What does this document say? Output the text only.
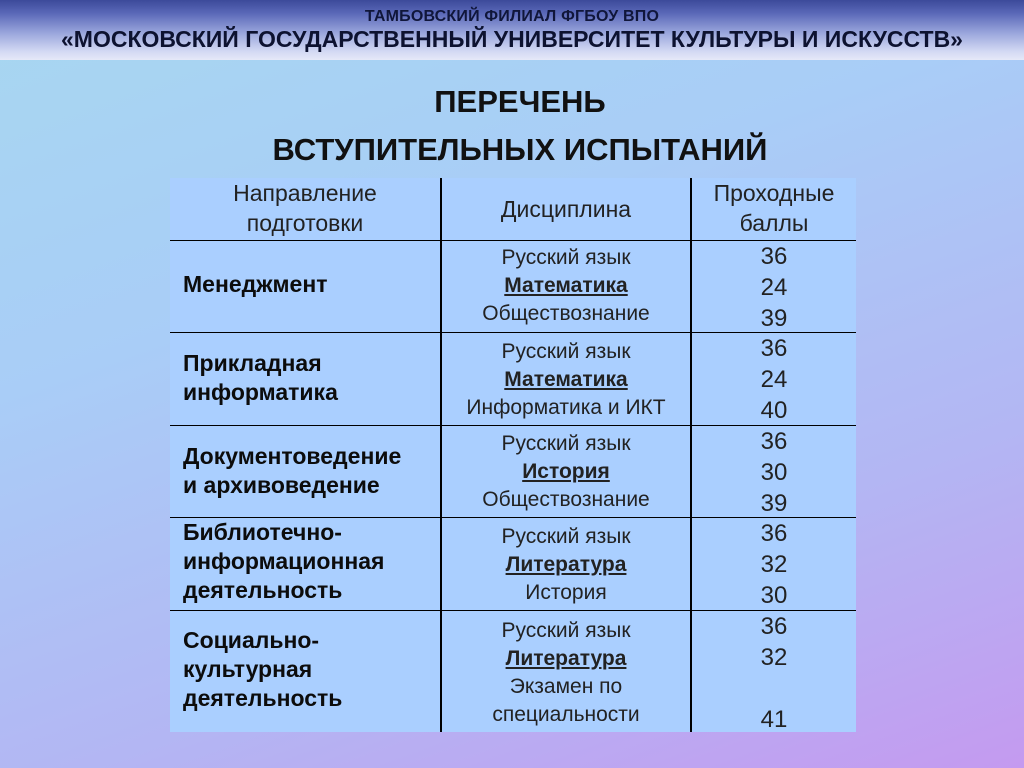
ТАМБОВСКИЙ ФИЛИАЛ ФГБОУ ВПО
«МОСКОВСКИЙ ГОСУДАРСТВЕННЫЙ УНИВЕРСИТЕТ КУЛЬТУРЫ И ИСКУССТВ»
ПЕРЕЧЕНЬ
ВСТУПИТЕЛЬНЫХ ИСПЫТАНИЙ
Направление
подготовки
Дисциплина
Проходные
баллы
Менеджмент
Русский язык
Математика
Обществознание
36
24
39
Прикладная
информатика
Русский язык
Математика
Информатика и ИКТ
36
24
40
Документоведение
и архивоведение
Русский язык
История
Обществознание
36
30
39
Библиотечно-
информационная
деятельность
Русский язык
Литература
История
36
32
30
Социально-
культурная
деятельность
Русский язык
Литература
Экзамен по
специальности
36
32
41
